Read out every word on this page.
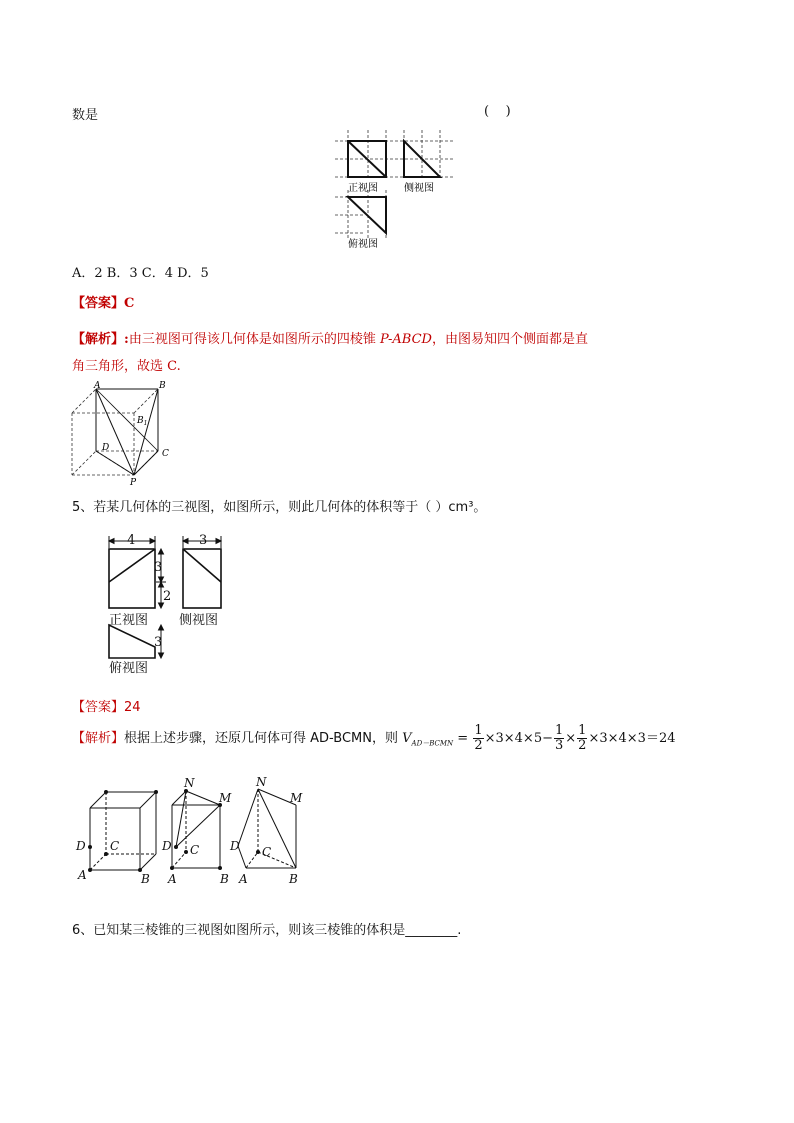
数是	(    )
正视图	侧视图
俯视图
A．2 B．3 C．4 D．5
【答案】C
【解析】:由三视图可得该几何体是如图所示的四棱锥 P-ABCD，由图易知四个侧面都是直
角三角形，故选 C.
A	B
$B_1$
C
D
P
5、若某几何体的三视图，如图所示，则此几何体的体积等于（ ）cm³。
4	3
3
2
3
正视图 侧视图
俯视图
【答案】24
【解析】根据上述步骤，还原几何体可得 AD-BCMN，则 $V_{AD-BCMN} = \frac{1}{2} \times 3\times 4\times 5- \frac{1}{3} \times \frac{1}{2} \times 3\times 4\times 3=24$
A	B
C
D
A	B
C
D
M
N
A	B
C
D
M
N
6、已知某三棱锥的三视图如图所示，则该三棱锥的体积是________.
